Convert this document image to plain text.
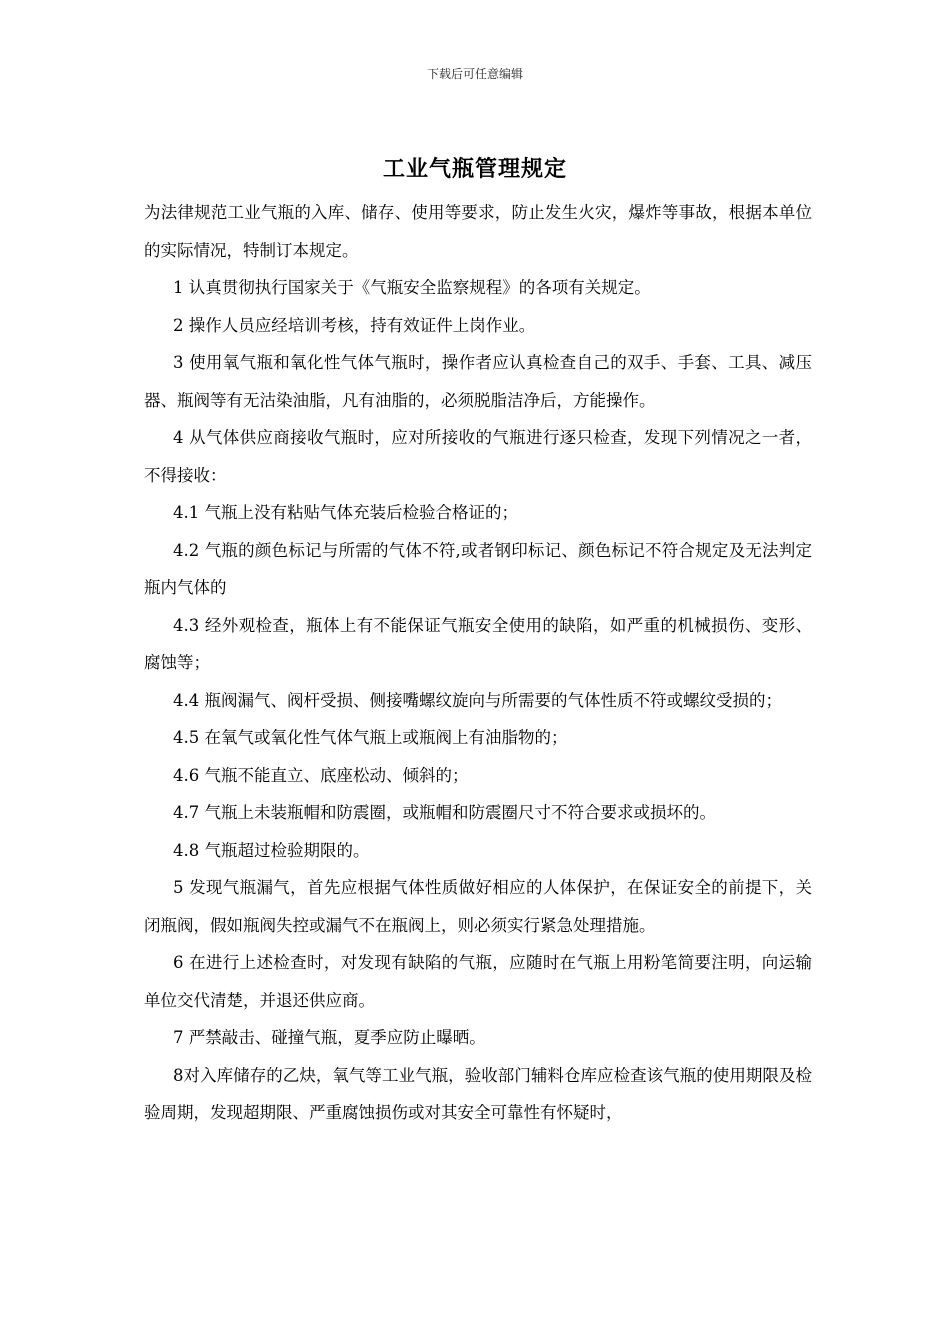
下载后可任意编辑
工业气瓶管理规定

为法律规范工业气瓶的入库、储存、使用等要求，防止发生火灾，爆炸等事故，根据本单位的实际情况，特制订本规定。

1 认真贯彻执行国家关于《气瓶安全监察规程》的各项有关规定。

2 操作人员应经培训考核，持有效证件上岗作业。

3 使用氧气瓶和氧化性气体气瓶时，操作者应认真检查自己的双手、手套、工具、减压器、瓶阀等有无沽染油脂，凡有油脂的，必须脱脂洁净后，方能操作。

4 从气体供应商接收气瓶时，应对所接收的气瓶进行逐只检查，发现下列情况之一者，不得接收：

4.1 气瓶上没有粘贴气体充装后检验合格证的；

4.2 气瓶的颜色标记与所需的气体不符,或者钢印标记、颜色标记不符合规定及无法判定瓶内气体的

4.3 经外观检查，瓶体上有不能保证气瓶安全使用的缺陷，如严重的机械损伤、变形、腐蚀等；

4.4 瓶阀漏气、阀杆受损、侧接嘴螺纹旋向与所需要的气体性质不符或螺纹受损的；

4.5 在氧气或氧化性气体气瓶上或瓶阀上有油脂物的；

4.6 气瓶不能直立、底座松动、倾斜的；

4.7 气瓶上未装瓶帽和防震圈，或瓶帽和防震圈尺寸不符合要求或损坏的。

4.8 气瓶超过检验期限的。

5 发现气瓶漏气，首先应根据气体性质做好相应的人体保护，在保证安全的前提下，关闭瓶阀，假如瓶阀失控或漏气不在瓶阀上，则必须实行紧急处理措施。

6 在进行上述检查时，对发现有缺陷的气瓶，应随时在气瓶上用粉笔简要注明，向运输单位交代清楚，并退还供应商。

7 严禁敲击、碰撞气瓶，夏季应防止曝晒。

8对入库储存的乙炔，氧气等工业气瓶，验收部门辅料仓库应检查该气瓶的使用期限及检验周期，发现超期限、严重腐蚀损伤或对其安全可靠性有怀疑时，
